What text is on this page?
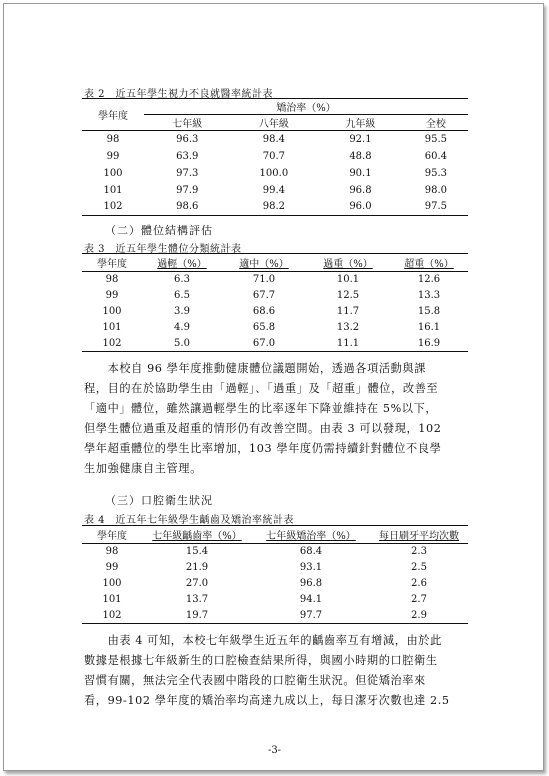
表 2　近五年學生視力不良就醫率統計表
學年度	矯治率（%）			
	七年級	八年級	九年級	全校
98	96.3	98.4	92.1	95.5
99	63.9	70.7	48.8	60.4
100	97.3	100.0	90.1	95.3
101	97.9	99.4	96.8	98.0
102	98.6	98.2	96.0	97.5
（二）體位結構評估
表 3　近五年學生體位分類統計表
學年度	過輕（%）	適中（%）	過重（%）	超重（%）
98	6.3	71.0	10.1	12.6
99	6.5	67.7	12.5	13.3
100	3.9	68.6	11.7	15.8
101	4.9	65.8	13.2	16.1
102	5.0	67.0	11.1	16.9

　　本校自 96 學年度推動健康體位議題開始，透過各項活動與課

程，目的在於協助學生由「過輕」、「過重」及「超重」體位，改善至

「適中」體位，雖然讓過輕學生的比率逐年下降並維持在 5%以下，

但學生體位過重及超重的情形仍有改善空間。由表 3 可以發現，102

學年超重體位的學生比率增加，103 學年度仍需持續針對體位不良學

生加強健康自主管理。

（三）口腔衛生狀況
表 4　近五年七年級學生齲齒及矯治率統計表
學年度	七年級齲齒率（%）	七年級矯治率（%）	每日刷牙平均次數
98	15.4	68.4	2.3
99	21.9	93.1	2.5
100	27.0	96.8	2.6
101	13.7	94.1	2.7
102	19.7	97.7	2.9

　　由表 4 可知，本校七年級學生近五年的齲齒率互有增減，由於此

數據是根據七年級新生的口腔檢查結果所得，與國小時期的口腔衛生

習慣有關，無法完全代表國中階段的口腔衛生狀況。但從矯治率來

看，99-102 學年度的矯治率均高達九成以上，每日潔牙次數也達 2.5

-3-
